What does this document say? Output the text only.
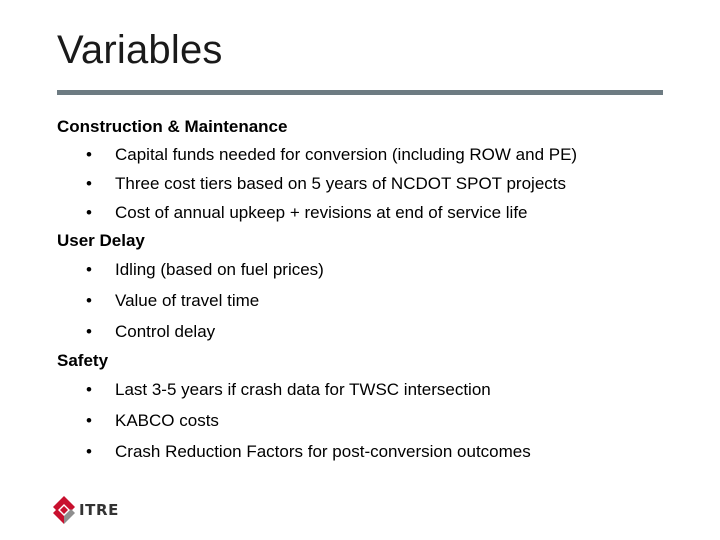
Variables
Construction & Maintenance
• Capital funds needed for conversion (including ROW and PE)
• Three cost tiers based on 5 years of NCDOT SPOT projects
• Cost of annual upkeep + revisions at end of service life
User Delay
• Idling (based on fuel prices)
• Value of travel time
• Control delay
Safety
• Last 3-5 years if crash data for TWSC intersection
• KABCO costs
• Crash Reduction Factors for post-conversion outcomes
ITRE
